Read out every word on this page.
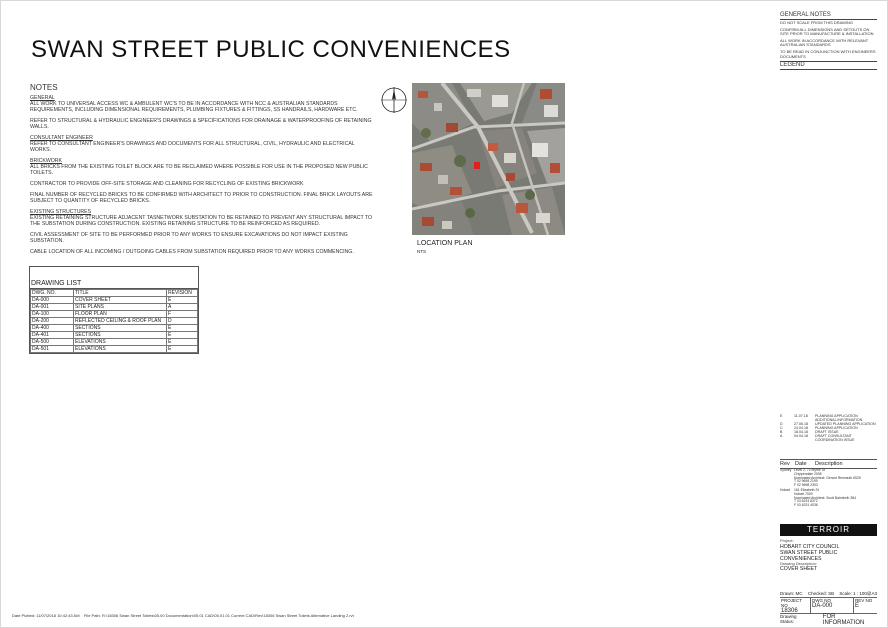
SWAN STREET PUBLIC CONVENIENCES
NOTES
GENERAL

ALL WORK TO UNIVERSAL ACCESS WC & AMBULENT WC'S TO BE IN ACCORDANCE WITH NCC & AUSTRALIAN STANDARDS REQUIREMENTS, INCLUDING DIMENSIONAL REQUIREMENTS, PLUMBING FIXTURES & FITTINGS, SS HANDRAILS, HARDWARE ETC.

REFER TO STRUCTURAL & HYDRAULIC ENGINEER'S DRAWINGS & SPECIFICATIONS FOR DRAINAGE & WATERPROOFING OF RETAINING WALLS.

CONSULTANT ENGINEER

REFER TO CONSULTANT ENGINEER'S DRAWINGS AND DOCUMENTS FOR ALL STRUCTURAL, CIVIL, HYDRAULIC AND ELECTRICAL WORKS.

BRICKWORK

ALL BRICKS FROM THE EXISTING TOILET BLOCK ARE TO BE RECLAIMED WHERE POSSIBLE FOR USE IN THE PROPOSED NEW PUBLIC TOILETS.

CONTRACTOR TO PROVIDE OFF-SITE STORAGE AND CLEANING FOR RECYCLING OF EXISTING BRICKWORK

FINAL NUMBER OF RECYCLED BRICKS TO BE CONFIRMED WITH ARCHITECT TO PRIOR TO CONSTRUCTION. FINAL BRICK LAYOUTS ARE SUBJECT TO QUANTITY OF RECYCLED BRICKS.

EXISTING STRUCTURES

EXISTING RETAINING STRUCTURE ADJACENT TASNETWORK SUBSTATION TO BE RETAINED TO PREVENT ANY STRUCTURAL IMPACT TO THE SUBSTATION DURING CONSTRUCTION. EXISTING RETAINING STRUCTURE TO BE REINFORCED AS REQUIRED.

CIVIL ASSESSMENT OF SITE TO BE PERFORMED PRIOR TO ANY WORKS TO ENSURE EXCAVATIONS DO NOT IMPACT EXISTING SUBSTATION.

CABLE LOCATION OF ALL INCOMING / OUTGOING CABLES FROM SUBSTATION REQUIRED PRIOR TO ANY WORKS COMMENCING.

DRAWING LIST
DWG. NO.	TITLE	REVISION
DA-000	COVER SHEET	E
DA-001	SITE PLANS	A
DA-100	FLOOR PLAN	F
DA-200	REFLECTED CEILING & ROOF PLAN	D
DA-400	SECTIONS	E
DA-401	SECTIONS	E
DA-500	ELEVATIONS	E
DA-501	ELEVATIONS	E
LOCATION PLAN
NTS
GENERAL NOTES

DO NOT SCALE FROM THIS DRAWING

CONFIRM ALL DIMENSIONS AND SETOUTS ON SITE PRIOR TO MANUFACTURE & INSTALLATION

ALL WORK IN ACCORDANCE WITH RELEVANT AUSTRALIAN STANDARDS

TO BE READ IN CONJUNCTION WITH ENGINEERS DOCUMENTS

LEGEND
E	11.07.18	PLANNING APPLICATION ADDITIONAL INFORMATION
D	27.06.18	UPDATED PLANNING APPLICATION
C	24.04.18	PLANNING APPLICATION
B	18.04.18	DRAFT ISSUE
A	04.04.18	DRAFT CONSULTANT COORDINATION ISSUE
Rev Date	Description
Sydney Level 2, 72 Myrtle St
Chippendale 2008
Nominated Architect: Gerard Reinmuth 6529
T 02 9698 2199
F 02 9698 2393
Hobart	161 Elizabeth St
Hobart 7000
Nominated Architect: Scott Balmforth 384
T 03 6234 8372
F 03 6231 4036
TERROIR
Project:
HOBART CITY COUNCIL
SWAN STREET PUBLIC
CONVENIENCES
Drawing Description:
COVER SHEET
Drawn: MC Checked: SB Scale: 1 : 100@A3
PROJECT NO
18306
DWG NO
DA-000
REV NO
E
Drawing Status:
FOR INFORMATION
Date Plotted: 11/07/2018 10:42:43 AM File Path: R:\18306 Swan Street Toilets\05.00 Documentation\05.01 CAD\05.01.01 Current CAD\Rev\18306 Swan Street Toilets Alternative Landing 2.rvt
